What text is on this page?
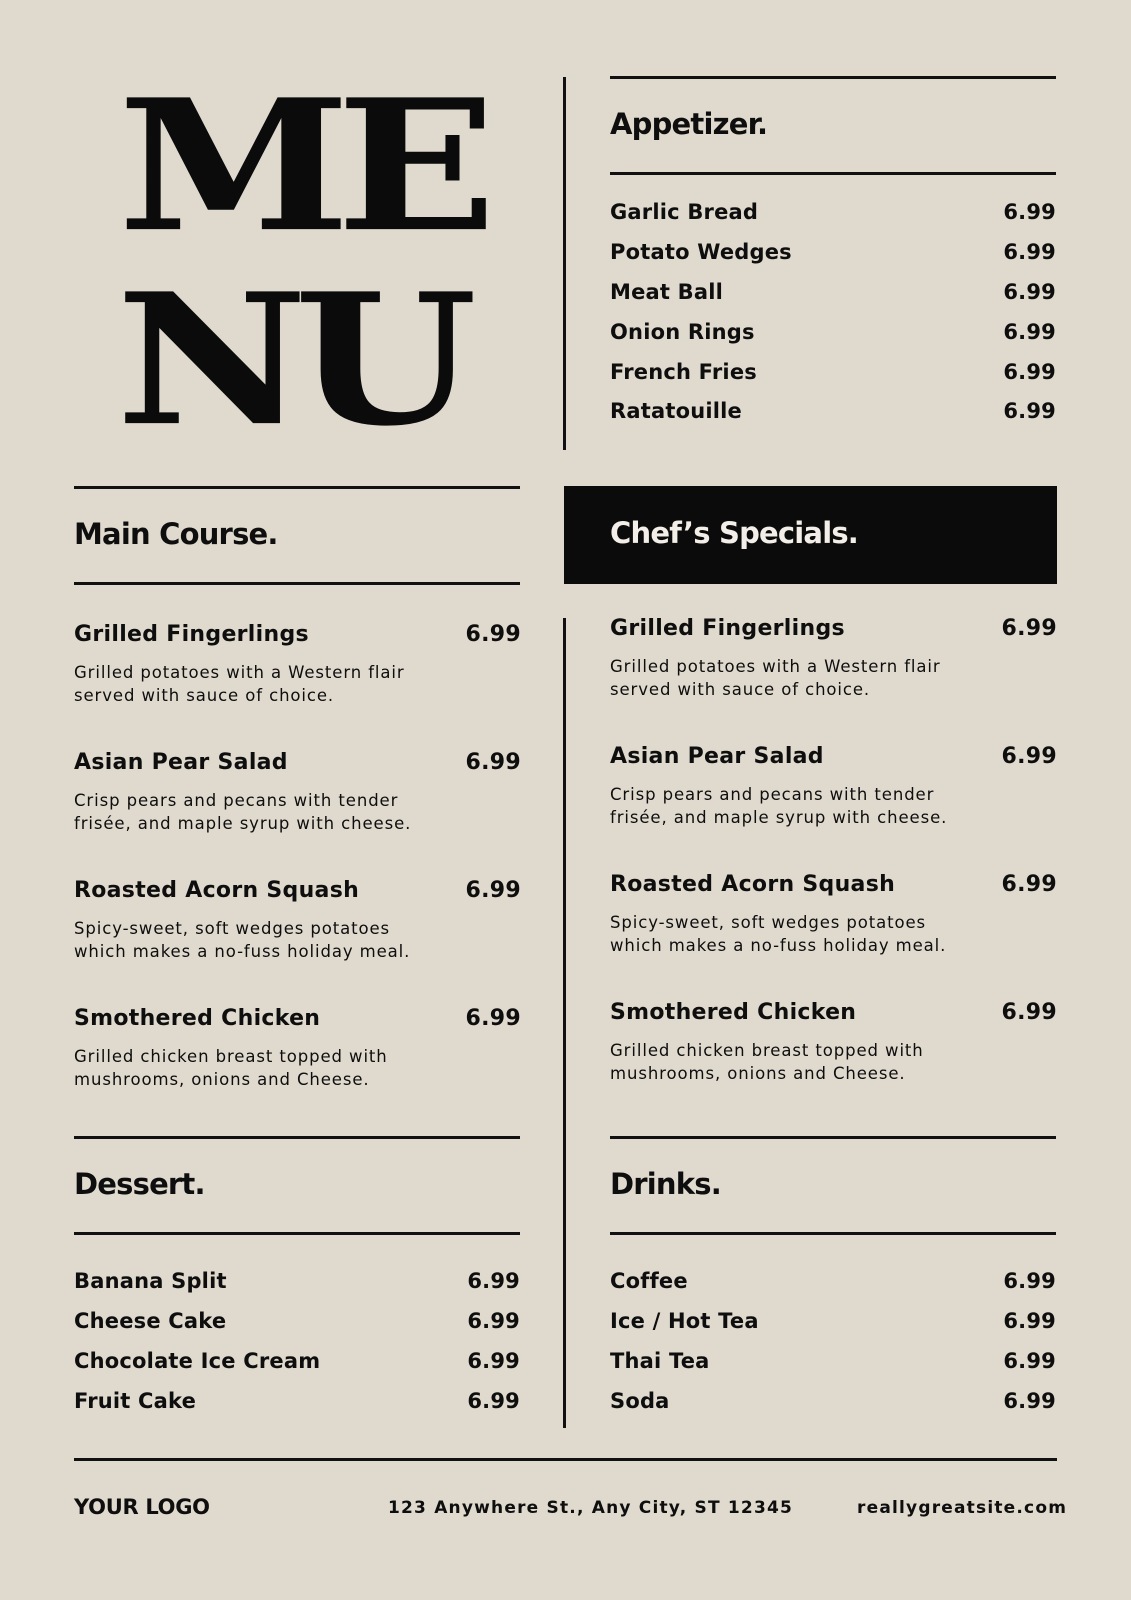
ME
NU
Appetizer.
Garlic Bread	6.99
Potato Wedges	6.99
Meat Ball	6.99
Onion Rings	6.99
French Fries	6.99
Ratatouille	6.99
Main Course.
Grilled Fingerlings	6.99
Grilled potatoes with a Western flair served with sauce of choice.
Asian Pear Salad	6.99
Crisp pears and pecans with tender frisée, and maple syrup with cheese.
Roasted Acorn Squash	6.99
Spicy-sweet, soft wedges potatoes which makes a no-fuss holiday meal.
Smothered Chicken	6.99
Grilled chicken breast topped with mushrooms, onions and Cheese.
Chef’s Specials.
Grilled Fingerlings	6.99
Grilled potatoes with a Western flair served with sauce of choice.
Asian Pear Salad	6.99
Crisp pears and pecans with tender frisée, and maple syrup with cheese.
Roasted Acorn Squash	6.99
Spicy-sweet, soft wedges potatoes which makes a no-fuss holiday meal.
Smothered Chicken	6.99
Grilled chicken breast topped with mushrooms, onions and Cheese.
Dessert.
Banana Split	6.99
Cheese Cake	6.99
Chocolate Ice Cream	6.99
Fruit Cake	6.99
Drinks.
Coffee	6.99
Ice / Hot Tea	6.99
Thai Tea	6.99
Soda	6.99
YOUR LOGO	123 Anywhere St., Any City, ST 12345	reallygreatsite.com
